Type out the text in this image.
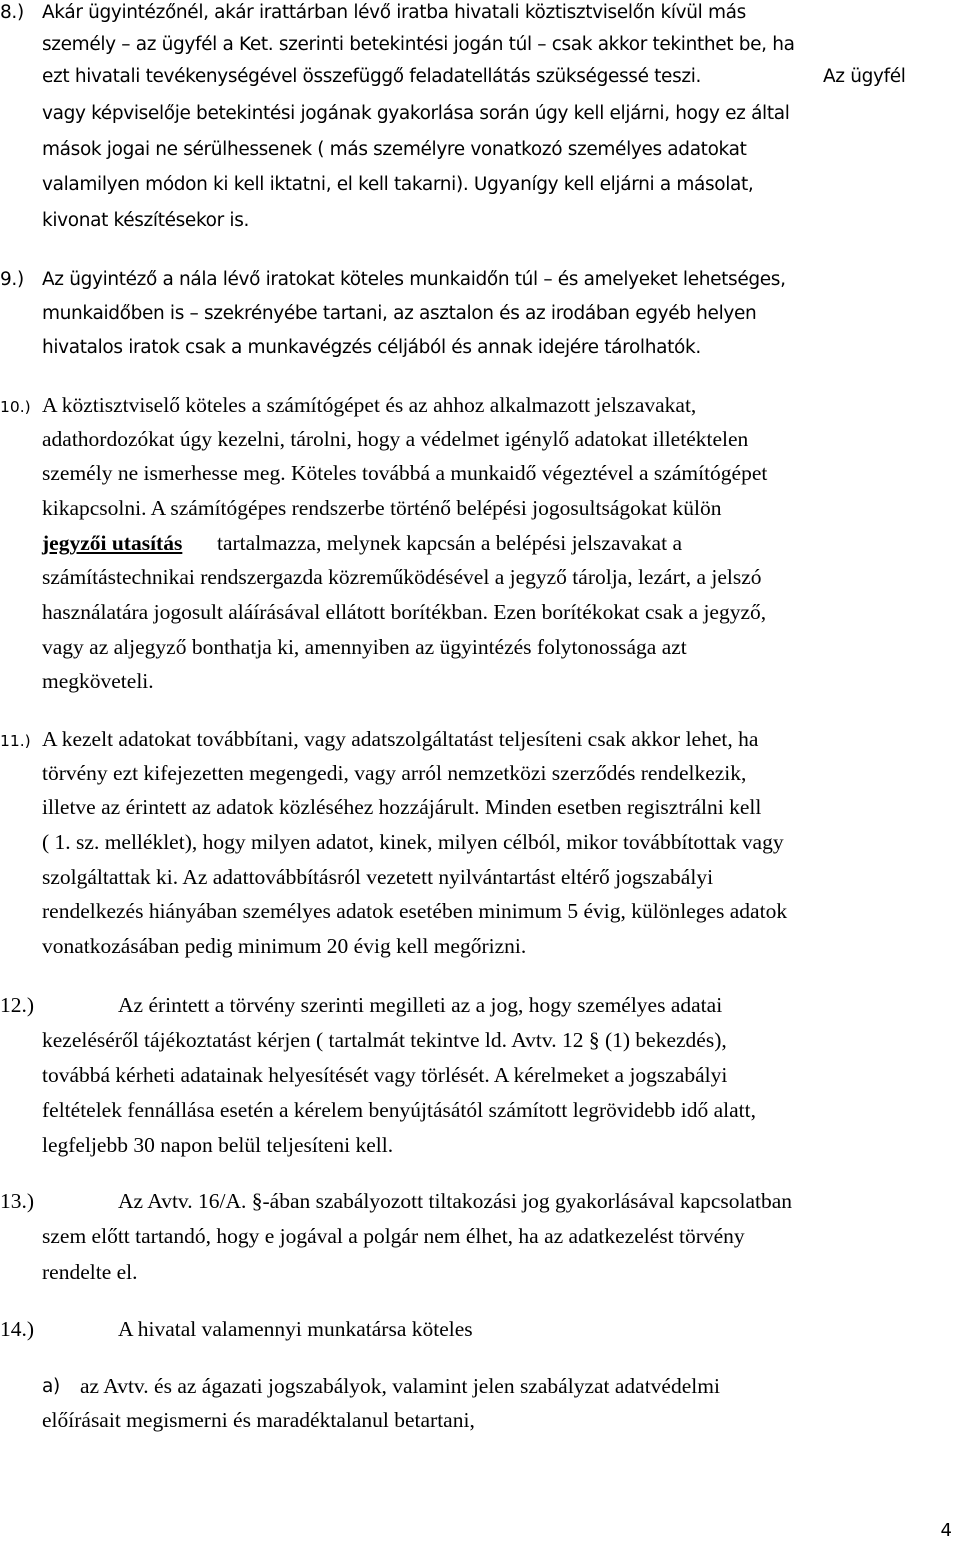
8.) Akár ügyintézőnél, akár irattárban lévő iratba hivatali köztisztviselőn kívül más
személy – az ügyfél a Ket. szerinti betekintési jogán túl – csak akkor tekinthet be, ha
ezt hivatali tevékenységével összefüggő feladatellátás szükségessé teszi.	Az ügyfél
vagy képviselője betekintési jogának gyakorlása során úgy kell eljárni, hogy ez által
mások jogai ne sérülhessenek ( más személyre vonatkozó személyes adatokat
valamilyen módon ki kell iktatni, el kell takarni). Ugyanígy kell eljárni a másolat,
kivonat készítésekor is.
9.) Az ügyintéző a nála lévő iratokat köteles munkaidőn túl – és amelyeket lehetséges,
munkaidőben is – szekrényébe tartani, az asztalon és az irodában egyéb helyen
hivatalos iratok csak a munkavégzés céljából és annak idejére tárolhatók.
10.) A köztisztviselő köteles a számítógépet és az ahhoz alkalmazott jelszavakat,
adathordozókat úgy kezelni, tárolni, hogy a védelmet igénylő adatokat illetéktelen
személy ne ismerhesse meg. Köteles továbbá a munkaidő végeztével a számítógépet
kikapcsolni. A számítógépes rendszerbe történő belépési jogosultságokat külön
jegyzői utasítás tartalmazza, melynek kapcsán a belépési jelszavakat a
számítástechnikai rendszergazda közreműködésével a jegyző tárolja, lezárt, a jelszó
használatára jogosult aláírásával ellátott borítékban. Ezen borítékokat csak a jegyző,
vagy az aljegyző bonthatja ki, amennyiben az ügyintézés folytonossága azt
megköveteli.
11.) A kezelt adatokat továbbítani, vagy adatszolgáltatást teljesíteni csak akkor lehet, ha
törvény ezt kifejezetten megengedi, vagy arról nemzetközi szerződés rendelkezik,
illetve az érintett az adatok közléséhez hozzájárult. Minden esetben regisztrálni kell
( 1. sz. melléklet), hogy milyen adatot, kinek, milyen célból, mikor továbbítottak vagy
szolgáltattak ki. Az adattovábbításról vezetett nyilvántartást eltérő jogszabályi
rendelkezés hiányában személyes adatok esetében minimum 5 évig, különleges adatok
vonatkozásában pedig minimum 20 évig kell megőrizni.
12.)	Az érintett a törvény szerinti megilleti az a jog, hogy személyes adatai
kezeléséről tájékoztatást kérjen ( tartalmát tekintve ld. Avtv. 12 § (1) bekezdés),
továbbá kérheti adatainak helyesítését vagy törlését. A kérelmeket a jogszabályi
feltételek fennállása esetén a kérelem benyújtásától számított legrövidebb idő alatt,
legfeljebb 30 napon belül teljesíteni kell.
13.)	Az Avtv. 16/A. §-ában szabályozott tiltakozási jog gyakorlásával kapcsolatban
szem előtt tartandó, hogy e jogával a polgár nem élhet, ha az adatkezelést törvény
rendelte el.
14.)	A hivatal valamennyi munkatársa köteles
a) az Avtv. és az ágazati jogszabályok, valamint jelen szabályzat adatvédelmi
előírásait megismerni és maradéktalanul betartani,
4
